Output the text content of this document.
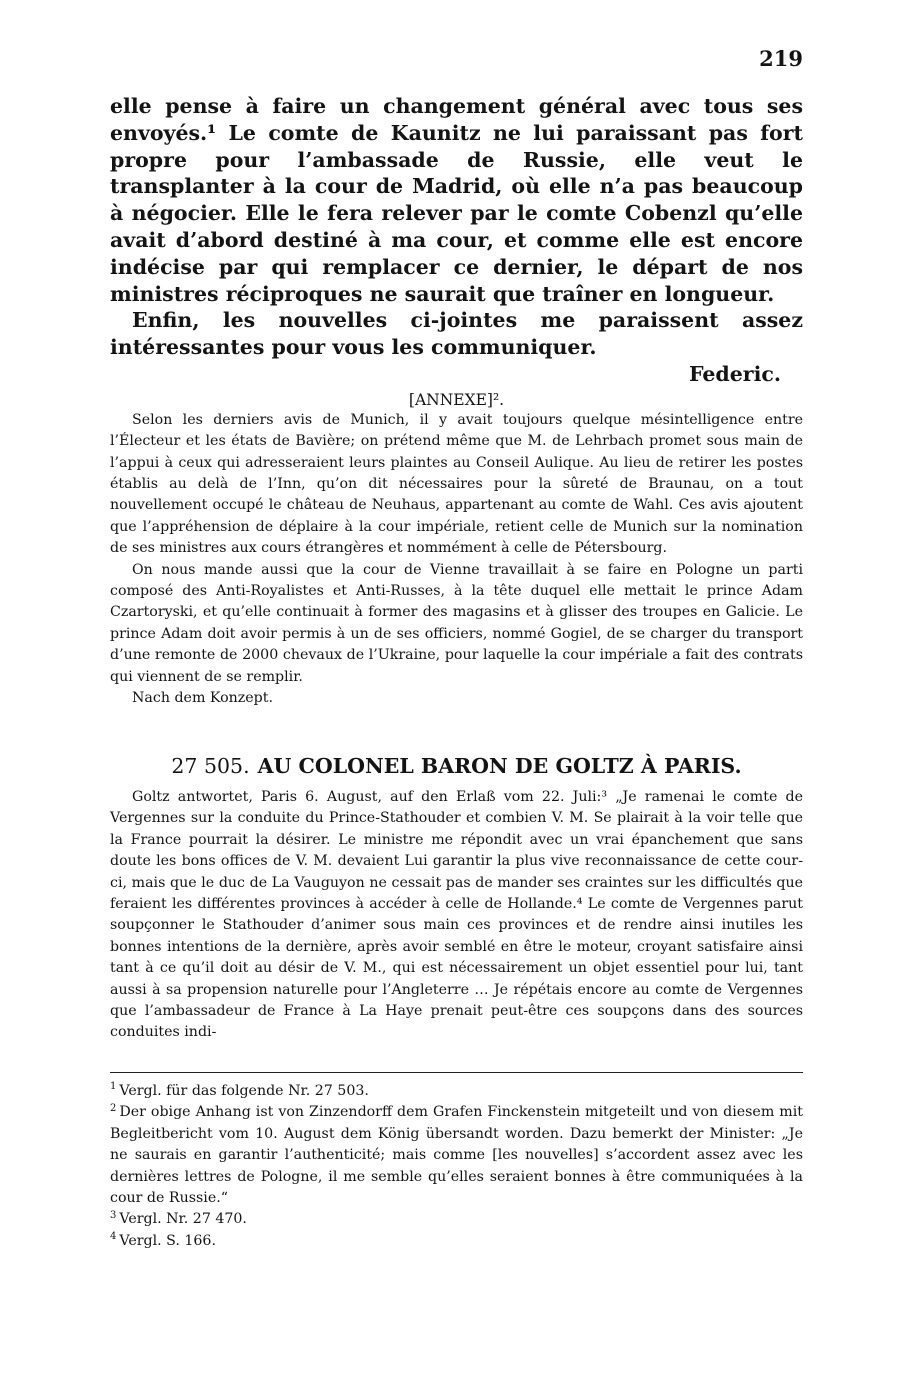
219

elle pense à faire un changement général avec tous ses envoyés.¹ Le comte de Kaunitz ne lui paraissant pas fort propre pour l’ambassade de Russie, elle veut le transplanter à la cour de Madrid, où elle n’a pas beaucoup à négocier. Elle le fera relever par le comte Cobenzl qu’elle avait d’abord destiné à ma cour, et comme elle est encore indécise par qui remplacer ce dernier, le départ de nos ministres réciproques ne saurait que traîner en longueur.

Enfin, les nouvelles ci-jointes me paraissent assez intéressantes pour vous les communiquer.

Federic.

[ANNEXE]².

Selon les derniers avis de Munich, il y avait toujours quelque mésintelligence entre l’Électeur et les états de Bavière; on prétend même que M. de Lehrbach promet sous main de l’appui à ceux qui adresseraient leurs plaintes au Conseil Aulique. Au lieu de retirer les postes établis au delà de l’Inn, qu’on dit nécessaires pour la sûreté de Braunau, on a tout nouvellement occupé le château de Neuhaus, appartenant au comte de Wahl. Ces avis ajoutent que l’appréhension de déplaire à la cour impériale, retient celle de Munich sur la nomination de ses ministres aux cours étrangères et nommément à celle de Pétersbourg.

On nous mande aussi que la cour de Vienne travaillait à se faire en Pologne un parti composé des Anti-Royalistes et Anti-Russes, à la tête duquel elle mettait le prince Adam Czartoryski, et qu’elle continuait à former des magasins et à glisser des troupes en Galicie. Le prince Adam doit avoir permis à un de ses officiers, nommé Gogiel, de se charger du transport d’une remonte de 2000 chevaux de l’Ukraine, pour laquelle la cour impériale a fait des contrats qui viennent de se remplir.

Nach dem Konzept.

27 505. AU COLONEL BARON DE GOLTZ À PARIS.

Goltz antwortet, Paris 6. August, auf den Erlaß vom 22. Juli:³ „Je ramenai le comte de Vergennes sur la conduite du Prince-Stathouder et combien V. M. Se plairait à la voir telle que la France pourrait la désirer. Le ministre me répondit avec un vrai épanchement que sans doute les bons offices de V. M. devaient Lui garantir la plus vive reconnaissance de cette cour-ci, mais que le duc de La Vauguyon ne cessait pas de mander ses craintes sur les difficultés que feraient les différentes provinces à accéder à celle de Hollande.⁴ Le comte de Vergennes parut soupçonner le Stathouder d’animer sous main ces provinces et de rendre ainsi inutiles les bonnes intentions de la dernière, après avoir semblé en être le moteur, croyant satisfaire ainsi tant à ce qu’il doit au désir de V. M., qui est nécessairement un objet essentiel pour lui, tant aussi à sa propension naturelle pour l’Angleterre … Je répétais encore au comte de Vergennes que l’ambassadeur de France à La Haye prenait peut-être ces soupçons dans des sources conduites indi-

$^1$ Vergl. für das folgende Nr. 27 503.

$^2$ Der obige Anhang ist von Zinzendorff dem Grafen Finckenstein mitgeteilt und von diesem mit Begleitbericht vom 10. August dem König übersandt worden. Dazu bemerkt der Minister: „Je ne saurais en garantir l’authenticité; mais comme [les nouvelles] s’accordent assez avec les dernières lettres de Pologne, il me semble qu’elles seraient bonnes à être communiquées à la cour de Russie.“

$^3$ Vergl. Nr. 27 470.

$^4$ Vergl. S. 166.
